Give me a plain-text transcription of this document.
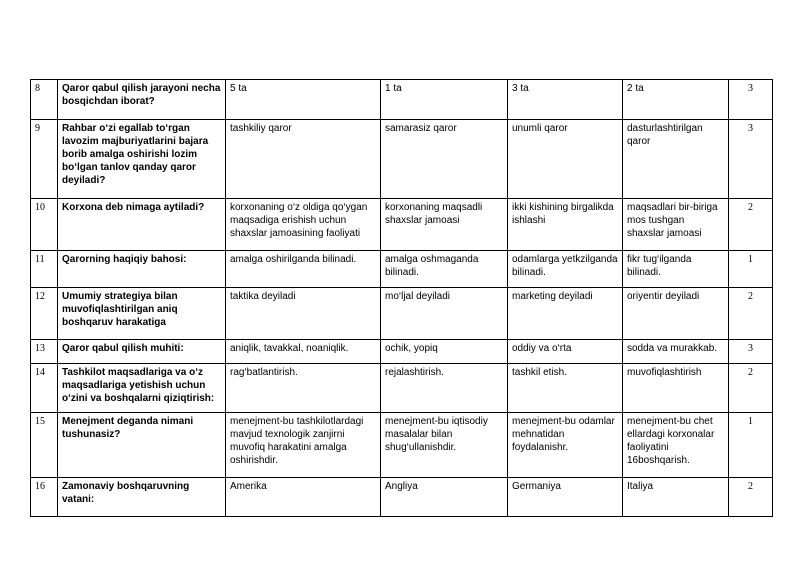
8	Qaror qabul qilish jarayoni necha bosqichdan iborat?	5 ta	1 ta	3 ta	2 ta	3
9	Rahbar o‘zi egallab to‘rgan lavozim majburiyatlarini bajara borib amalga oshirishi lozim bo‘lgan tanlov qanday qaror deyiladi?	tashkiliy qaror	samarasiz qaror	unumli qaror	dasturlashtirilgan qaror	3
10	Korxona deb nimaga aytiladi?	korxonaning o‘z oldiga qo‘ygan maqsadiga erishish uchun shaxslar jamoasining faoliyati	korxonaning maqsadli shaxslar jamoasi	ikki kishining birgalikda ishlashi	maqsadlari bir-biriga mos tushgan shaxslar jamoasi	2
11	Qarorning haqiqiy bahosi:	amalga oshirilganda bilinadi.	amalga oshmaganda bilinadi.	odamlarga yetkzilganda bilinadi.	fikr tug‘ilganda bilinadi.	1
12	Umumiy strategiya bilan muvofiqlashtirilgan aniq boshqaruv harakatiga	taktika deyiladi	mo‘ljal deyiladi	marketing deyiladi	oriyentir deyiladi	2
13	Qaror qabul qilish muhiti:	aniqlik, tavakkal, noaniqlik.	ochik, yopiq	oddiy va o‘rta	sodda va murakkab.	3
14	Tashkilot maqsadlariga va o‘z maqsadlariga yetishish uchun o‘zini va boshqalarni qiziqtirish:	rag‘batlantirish.	rejalashtirish.	tashkil etish.	muvofiqlashtirish	2
15	Menejment deganda nimani tushunasiz?	menejment-bu tashkilotlardagi mavjud texnologik zanjirni muvofiq harakatini amalga oshirishdir.	menejment-bu iqtisodiy masalalar bilan shug‘ullanishdir.	menejment-bu odamlar mehnatidan foydalanishr.	menejment-bu chet ellardagi korxonalar faoliyatini 16boshqarish.	1
16	Zamonaviy boshqaruvning vatani:	Amerika	Angliya	Germaniya	Italiya	2
